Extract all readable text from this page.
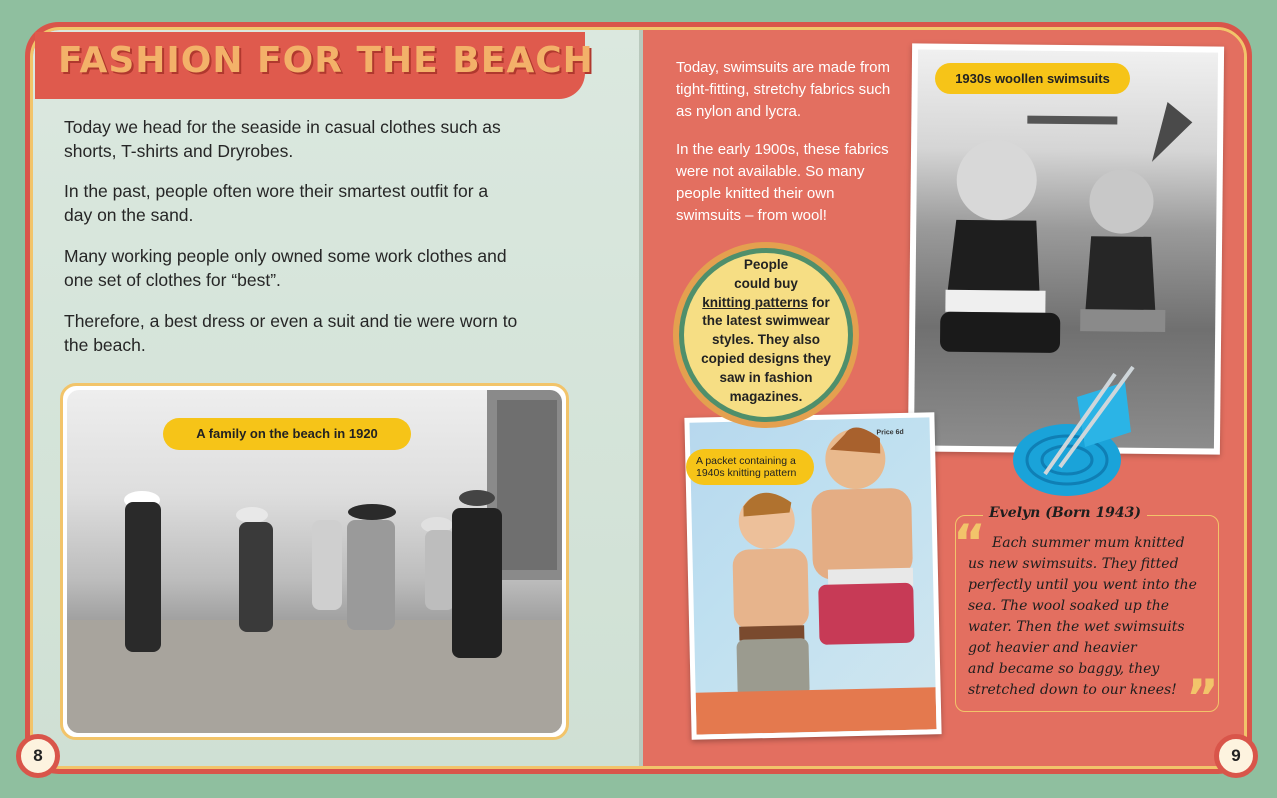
FASHION FOR THE BEACH
Today we head for the seaside in casual clothes such as shorts, T-shirts and Dryrobes.
In the past, people often wore their smartest outfit for a day on the sand.
Many working people only owned some work clothes and one set of clothes for “best”.
Therefore, a best dress or even a suit and tie were worn to the beach.
A family on the beach in 1920
Today, swimsuits are made from tight-fitting, stretchy fabrics such as nylon and lycra.
In the early 1900s, these fabrics were not available. So many people knitted their own swimsuits – from wool!
1930s woollen swimsuits
Price 6d
A packet containing a 1940s knitting pattern
People
could buy
knitting patterns for
the latest swimwear
styles. They also
copied designs they
saw in fashion
magazines.
Evelyn (Born 1943)
“ Each summer mum knitted
us new swimsuits. They fitted
perfectly until you went into the
sea. The wool soaked up the
water. Then the wet swimsuits
got heavier and heavier
and became so baggy, they
stretched down to our knees! ”
8	9
